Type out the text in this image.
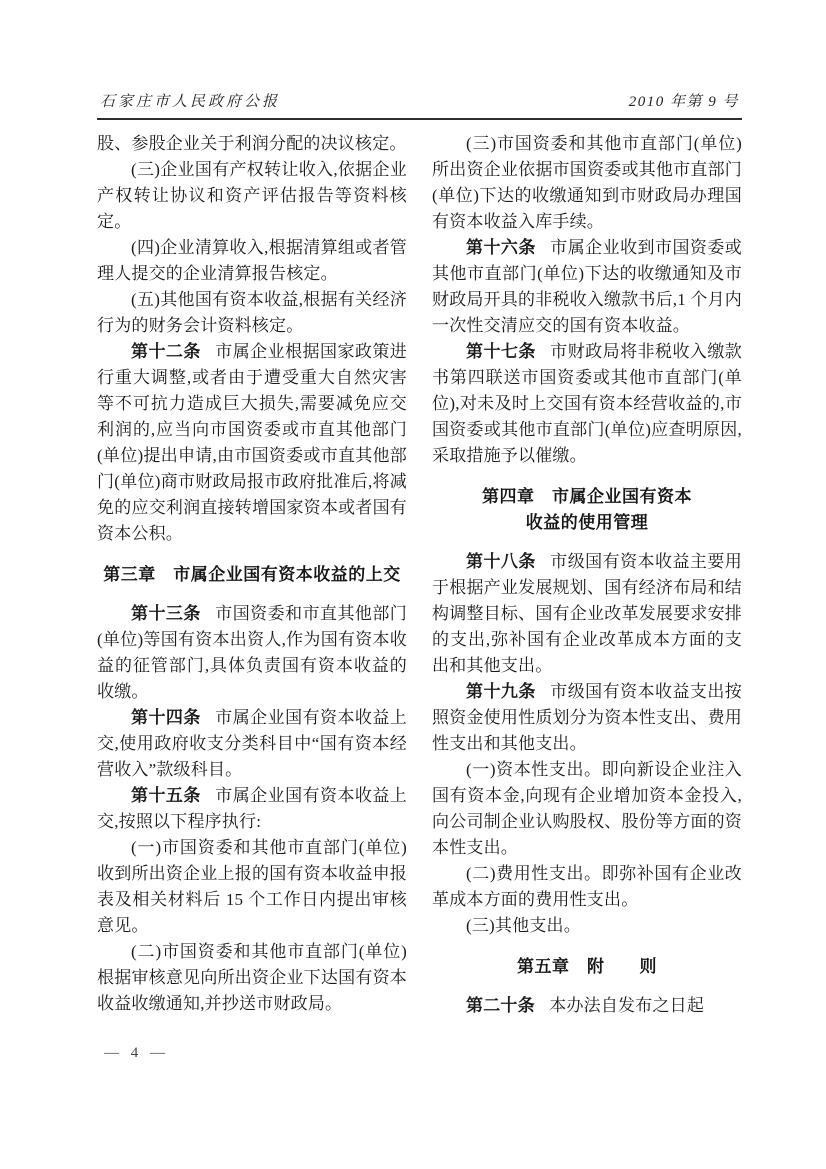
石家庄市人民政府公报	2010 年第 9 号

股、参股企业关于利润分配的决议核定。

(三)企业国有产权转让收入,依据企业产权转让协议和资产评估报告等资料核定。

(四)企业清算收入,根据清算组或者管理人提交的企业清算报告核定。

(五)其他国有资本收益,根据有关经济行为的财务会计资料核定。

第十二条 市属企业根据国家政策进行重大调整,或者由于遭受重大自然灾害等不可抗力造成巨大损失,需要减免应交利润的,应当向市国资委或市直其他部门(单位)提出申请,由市国资委或市直其他部门(单位)商市财政局报市政府批准后,将减免的应交利润直接转增国家资本或者国有资本公积。

第三章　市属企业国有资本收益的上交

第十三条 市国资委和市直其他部门(单位)等国有资本出资人,作为国有资本收益的征管部门,具体负责国有资本收益的收缴。

第十四条 市属企业国有资本收益上交,使用政府收支分类科目中“国有资本经营收入”款级科目。

第十五条 市属企业国有资本收益上交,按照以下程序执行:

(一)市国资委和其他市直部门(单位)收到所出资企业上报的国有资本收益申报表及相关材料后 15 个工作日内提出审核意见。

(二)市国资委和其他市直部门(单位)根据审核意见向所出资企业下达国有资本收益收缴通知,并抄送市财政局。

(三)市国资委和其他市直部门(单位)所出资企业依据市国资委或其他市直部门(单位)下达的收缴通知到市财政局办理国有资本收益入库手续。

第十六条 市属企业收到市国资委或其他市直部门(单位)下达的收缴通知及市财政局开具的非税收入缴款书后,1 个月内一次性交清应交的国有资本收益。

第十七条 市财政局将非税收入缴款书第四联送市国资委或其他市直部门(单位),对未及时上交国有资本经营收益的,市国资委或其他市直部门(单位)应查明原因,采取措施予以催缴。

第四章　市属企业国有资本
收益的使用管理

第十八条 市级国有资本收益主要用于根据产业发展规划、国有经济布局和结构调整目标、国有企业改革发展要求安排的支出,弥补国有企业改革成本方面的支出和其他支出。

第十九条 市级国有资本收益支出按照资金使用性质划分为资本性支出、费用性支出和其他支出。

(一)资本性支出。即向新设企业注入国有资本金,向现有企业增加资本金投入,向公司制企业认购股权、股份等方面的资本性支出。

(二)费用性支出。即弥补国有企业改革成本方面的费用性支出。

(三)其他支出。

第五章　附　　则

第二十条 本办法自发布之日起

— 4 —
